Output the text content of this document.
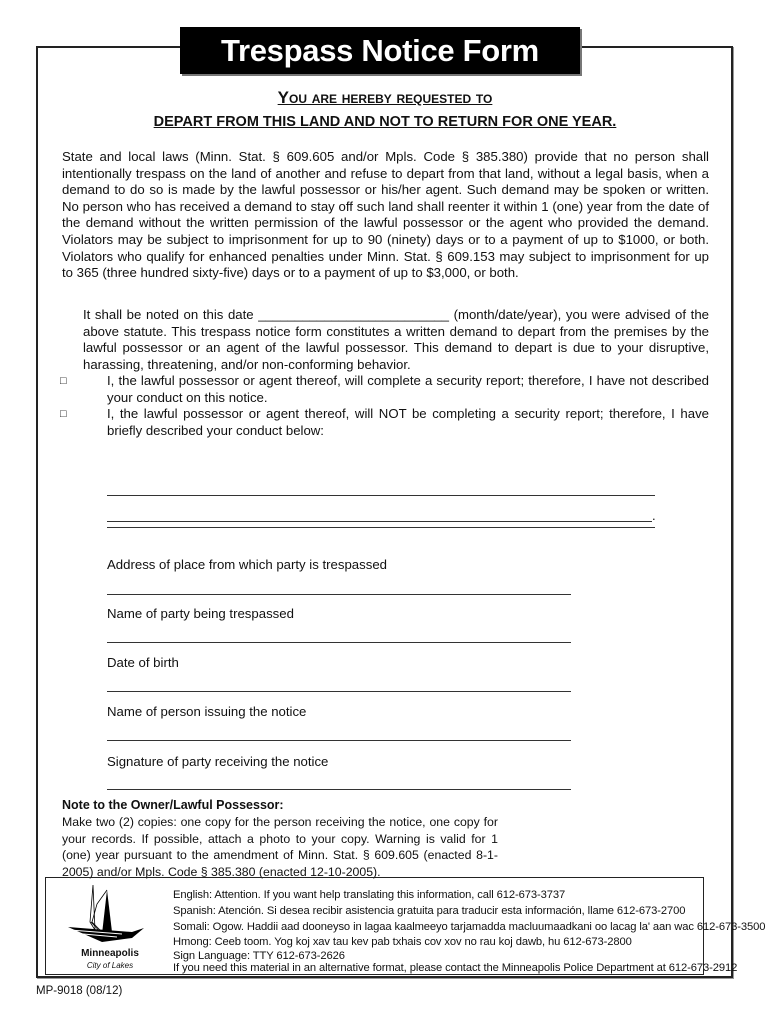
Trespass Notice Form
You are hereby requested to
DEPART FROM THIS LAND AND NOT TO RETURN FOR ONE YEAR.
State and local laws (Minn. Stat. § 609.605 and/or Mpls. Code § 385.380) provide that no person shall intentionally trespass on the land of another and refuse to depart from that land, without a legal basis, when a demand to do so is made by the lawful possessor or his/her agent. Such demand may be spoken or written. No person who has received a demand to stay off such land shall reenter it within 1 (one) year from the date of the demand without the written permission of the lawful possessor or the agent who provided the demand. Violators may be subject to imprisonment for up to 90 (ninety) days or to a payment of up to $1000, or both. Violators who qualify for enhanced penalties under Minn. Stat. § 609.153 may subject to imprisonment for up to 365 (three hundred sixty-five) days or to a payment of up to $3,000, or both.
It shall be noted on this date __________________________ (month/date/year), you were advised of the above statute. This trespass notice form constitutes a written demand to depart from the premises by the lawful possessor or an agent of the lawful possessor. This demand to depart is due to your disruptive, harassing, threatening, and/or non-conforming behavior.
□	I, the lawful possessor or agent thereof, will complete a security report; therefore, I have not described your conduct on this notice.
□	I, the lawful possessor or agent thereof, will NOT be completing a security report; therefore, I have briefly described your conduct below:
.
Address of place from which party is trespassed
Name of party being trespassed
Date of birth
Name of person issuing the notice
Signature of party receiving the notice
Note to the Owner/Lawful Possessor:
Make two (2) copies: one copy for the person receiving the notice, one copy for your records. If possible, attach a photo to your copy. Warning is valid for 1 (one) year pursuant to the amendment of Minn. Stat. § 609.605 (enacted 8-1-2005) and/or Mpls. Code § 385.380 (enacted 12-10-2005).
Minneapolis
City of Lakes
English: Attention. If you want help translating this information, call 612-673-3737
Spanish: Atención. Si desea recibir asistencia gratuita para traducir esta información, llame 612-673-2700
Somali: Ogow. Haddii aad dooneyso in lagaa kaalmeeyo tarjamadda macluumaadkani oo lacag la' aan wac 612-673-3500
Hmong: Ceeb toom. Yog koj xav tau kev pab txhais cov xov no rau koj dawb, hu 612-673-2800
Sign Language: TTY 612-673-2626
If you need this material in an alternative format, please contact the Minneapolis Police Department at 612-673-2912
MP-9018 (08/12)
